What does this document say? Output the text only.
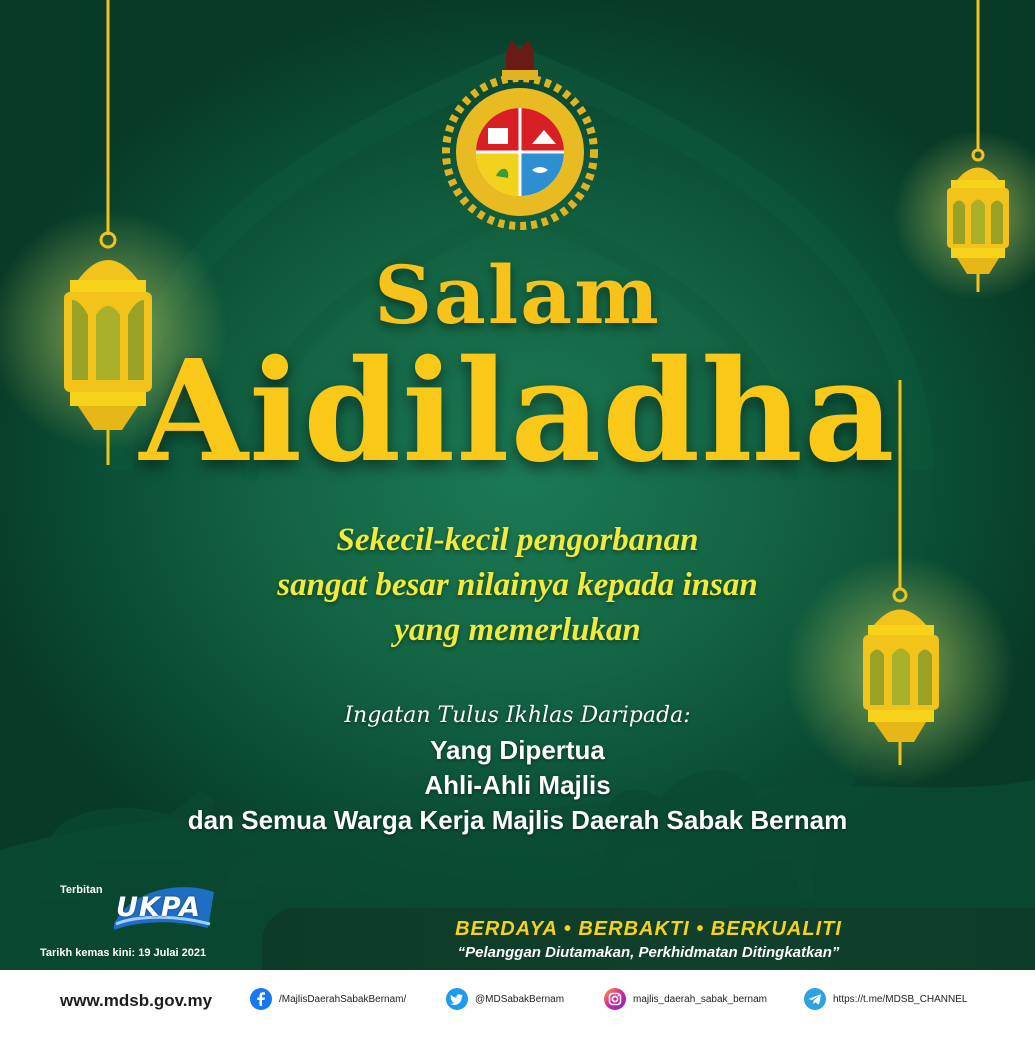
Salam
Aidiladha
Sekecil-kecil pengorbanan
sangat besar nilainya kepada insan
yang memerlukan
Ingatan Tulus Ikhlas Daripada:
Yang Dipertua
Ahli-Ahli Majlis
dan Semua Warga Kerja Majlis Daerah Sabak Bernam
Terbitan
UKPA
Tarikh kemas kini: 19 Julai 2021
BERDAYA • BERBAKTI • BERKUALITI
“Pelanggan Diutamakan, Perkhidmatan Ditingkatkan”
www.mdsb.gov.my	/MajlisDaerahSabakBernam/	@MDSabakBernam	majlis_daerah_sabak_bernam	https://t.me/MDSB_CHANNEL
